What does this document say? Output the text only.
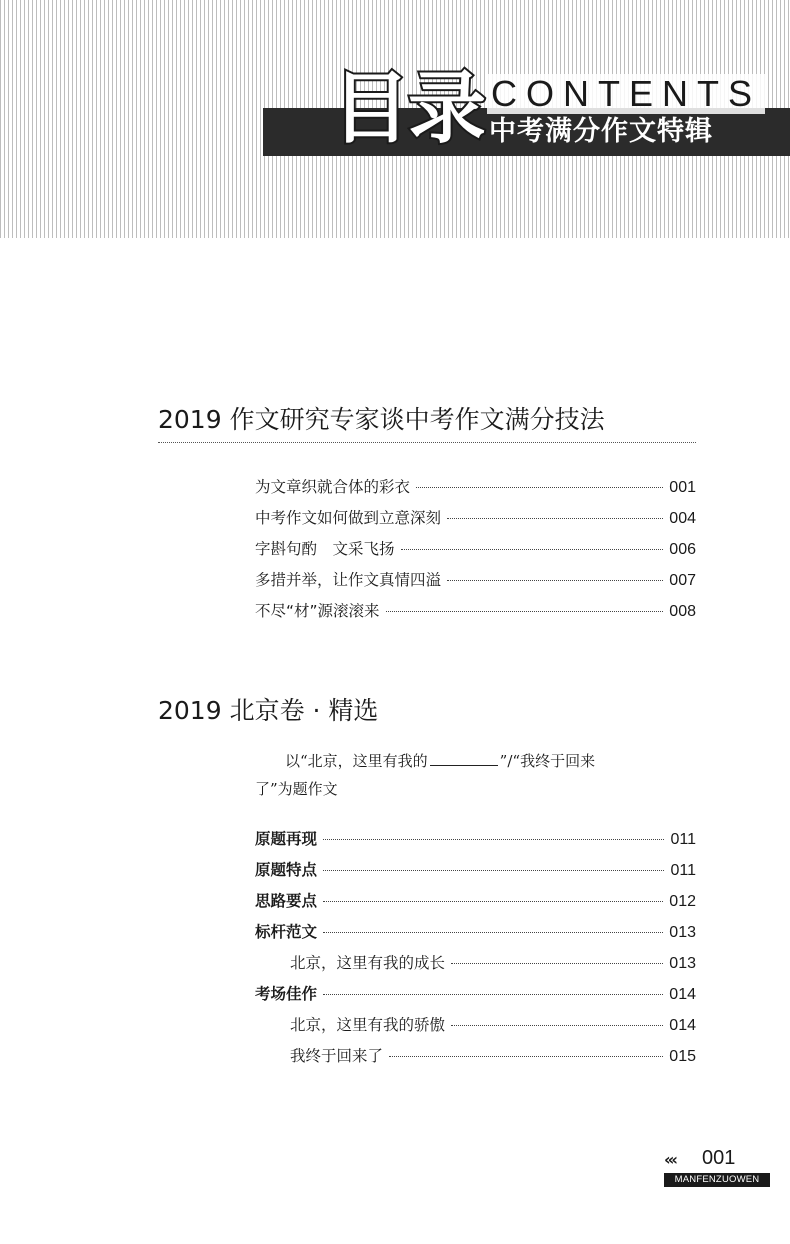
目录 CONTENTS
中考满分作文特辑
2019 作文研究专家谈中考作文满分技法
为文章织就合体的彩衣	001
中考作文如何做到立意深刻	004
字斟句酌　文采飞扬	006
多措并举，让作文真情四溢	007
不尽“材”源滚滚来	008
2019 北京卷 · 精选
以“北京，这里有我的	”/“我终于回来
了”为题作文
原题再现	011
原题特点	011
思路要点	012
标杆范文	013
北京，这里有我的成长	013
考场佳作	014
北京，这里有我的骄傲	014
我终于回来了	015
«‹ 001
MANFENZUOWEN
